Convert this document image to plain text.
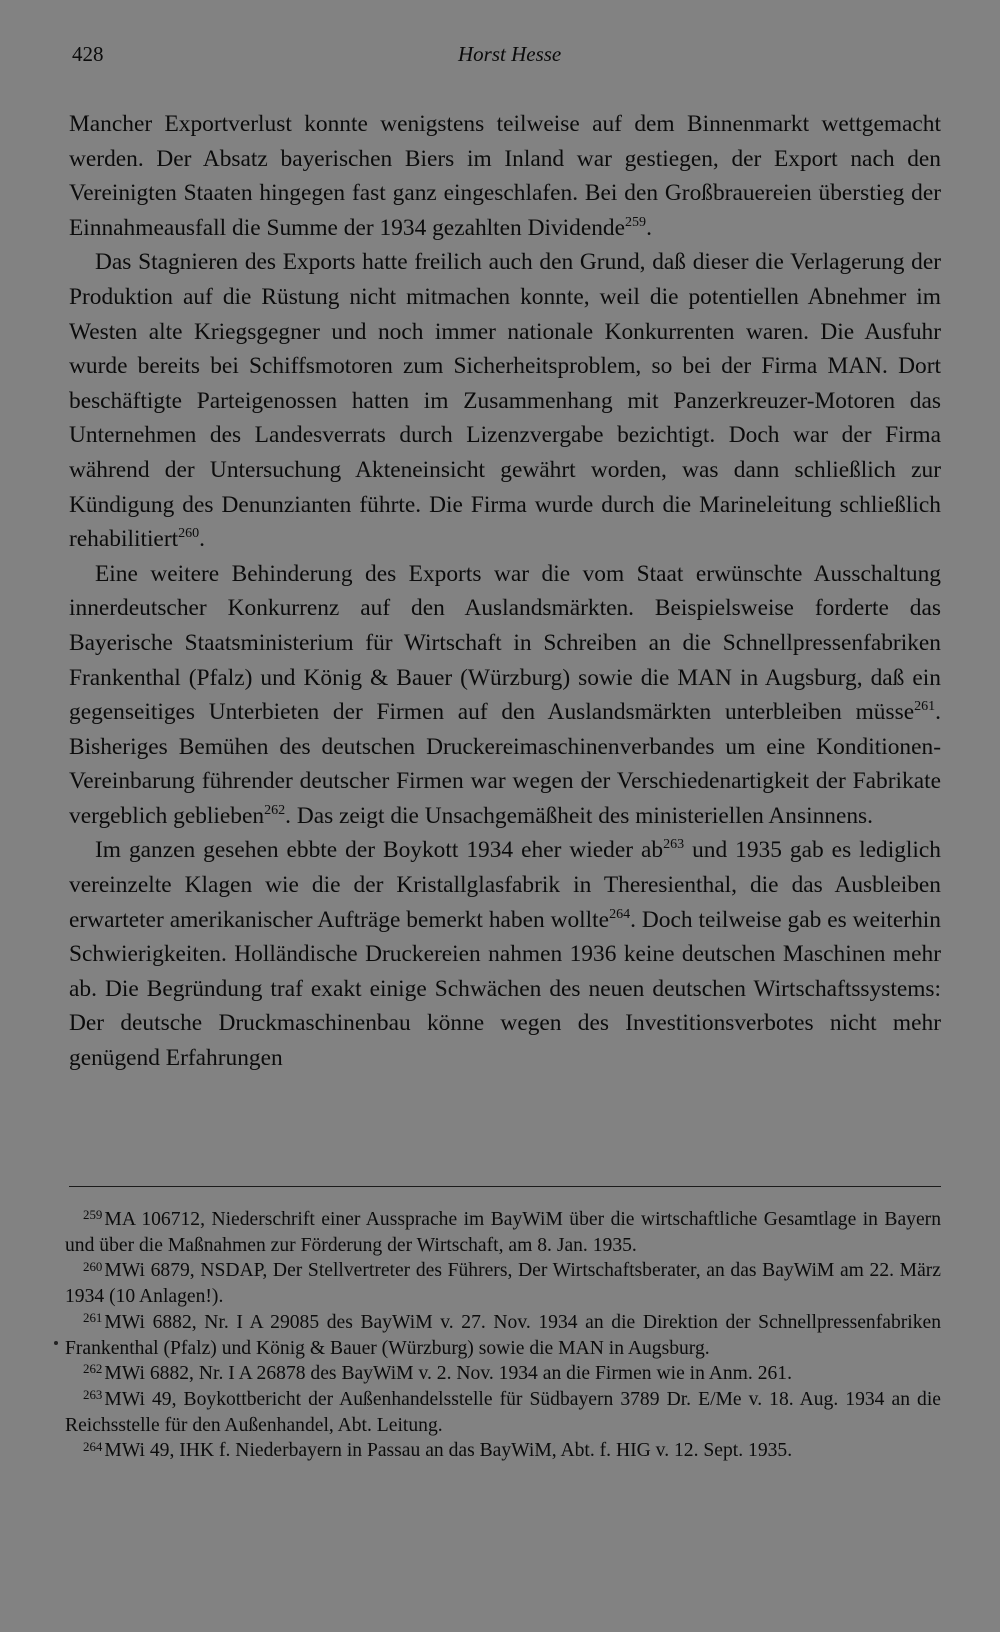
428	Horst Hesse

Mancher Exportverlust konnte wenigstens teilweise auf dem Binnenmarkt wettgemacht werden. Der Absatz bayerischen Biers im Inland war gestiegen, der Export nach den Vereinigten Staaten hingegen fast ganz eingeschlafen. Bei den Großbrauereien überstieg der Einnahmeausfall die Summe der 1934 gezahlten Dividende$^{259}$.

Das Stagnieren des Exports hatte freilich auch den Grund, daß dieser die Verlagerung der Produktion auf die Rüstung nicht mitmachen konnte, weil die potentiellen Abnehmer im Westen alte Kriegsgegner und noch immer nationale Konkurrenten waren. Die Ausfuhr wurde bereits bei Schiffsmotoren zum Sicherheitsproblem, so bei der Firma MAN. Dort beschäftigte Parteigenossen hatten im Zusammenhang mit Panzerkreuzer-Motoren das Unternehmen des Landesverrats durch Lizenzvergabe bezichtigt. Doch war der Firma während der Untersuchung Akteneinsicht gewährt worden, was dann schließlich zur Kündigung des Denunzianten führte. Die Firma wurde durch die Marineleitung schließlich rehabilitiert$^{260}$.

Eine weitere Behinderung des Exports war die vom Staat erwünschte Ausschaltung innerdeutscher Konkurrenz auf den Auslandsmärkten. Beispielsweise forderte das Bayerische Staatsministerium für Wirtschaft in Schreiben an die Schnellpressenfabriken Frankenthal (Pfalz) und König & Bauer (Würzburg) sowie die MAN in Augsburg, daß ein gegenseitiges Unterbieten der Firmen auf den Auslandsmärkten unterbleiben müsse$^{261}$. Bisheriges Bemühen des deutschen Druckereimaschinenverbandes um eine Konditionen-Vereinbarung führender deutscher Firmen war wegen der Verschiedenartigkeit der Fabrikate vergeblich geblieben$^{262}$. Das zeigt die Unsachgemäßheit des ministeriellen Ansinnens.

Im ganzen gesehen ebbte der Boykott 1934 eher wieder $ab^{263}$ und 1935 gab es lediglich vereinzelte Klagen wie die der Kristallglasfabrik in Theresienthal, die das Ausbleiben erwarteter amerikanischer Aufträge bemerkt haben wollte$^{264}$. Doch teilweise gab es weiterhin Schwierigkeiten. Holländische Druckereien nahmen 1936 keine deutschen Maschinen mehr ab. Die Begründung traf exakt einige Schwächen des neuen deutschen Wirtschaftssystems: Der deutsche Druckmaschinenbau könne wegen des Investitionsverbotes nicht mehr genügend Erfahrungen

$^{259}$ MA 106712, Niederschrift einer Aussprache im BayWiM über die wirtschaftliche Gesamtlage in Bayern und über die Maßnahmen zur Förderung der Wirtschaft, am 8. Jan. 1935.

$^{260}$ MWi 6879, NSDAP, Der Stellvertreter des Führers, Der Wirtschaftsberater, an das BayWiM am 22. März 1934 (10 Anlagen!).

$^{261}$ MWi 6882, Nr. I A 29085 des BayWiM v. 27. Nov. 1934 an die Direktion der Schnellpressenfabriken Frankenthal (Pfalz) und König & Bauer (Würzburg) sowie die MAN in Augsburg.

$^{262}$ MWi 6882, Nr. I A 26878 des BayWiM v. 2. Nov. 1934 an die Firmen wie in Anm. 261.

$^{263}$ MWi 49, Boykottbericht der Außenhandelsstelle für Südbayern 3789 Dr. E/Me v. 18. Aug. 1934 an die Reichsstelle für den Außenhandel, Abt. Leitung.

$^{264}$ MWi 49, IHK f. Niederbayern in Passau an das BayWiM, Abt. f. HIG v. 12. Sept. 1935.
